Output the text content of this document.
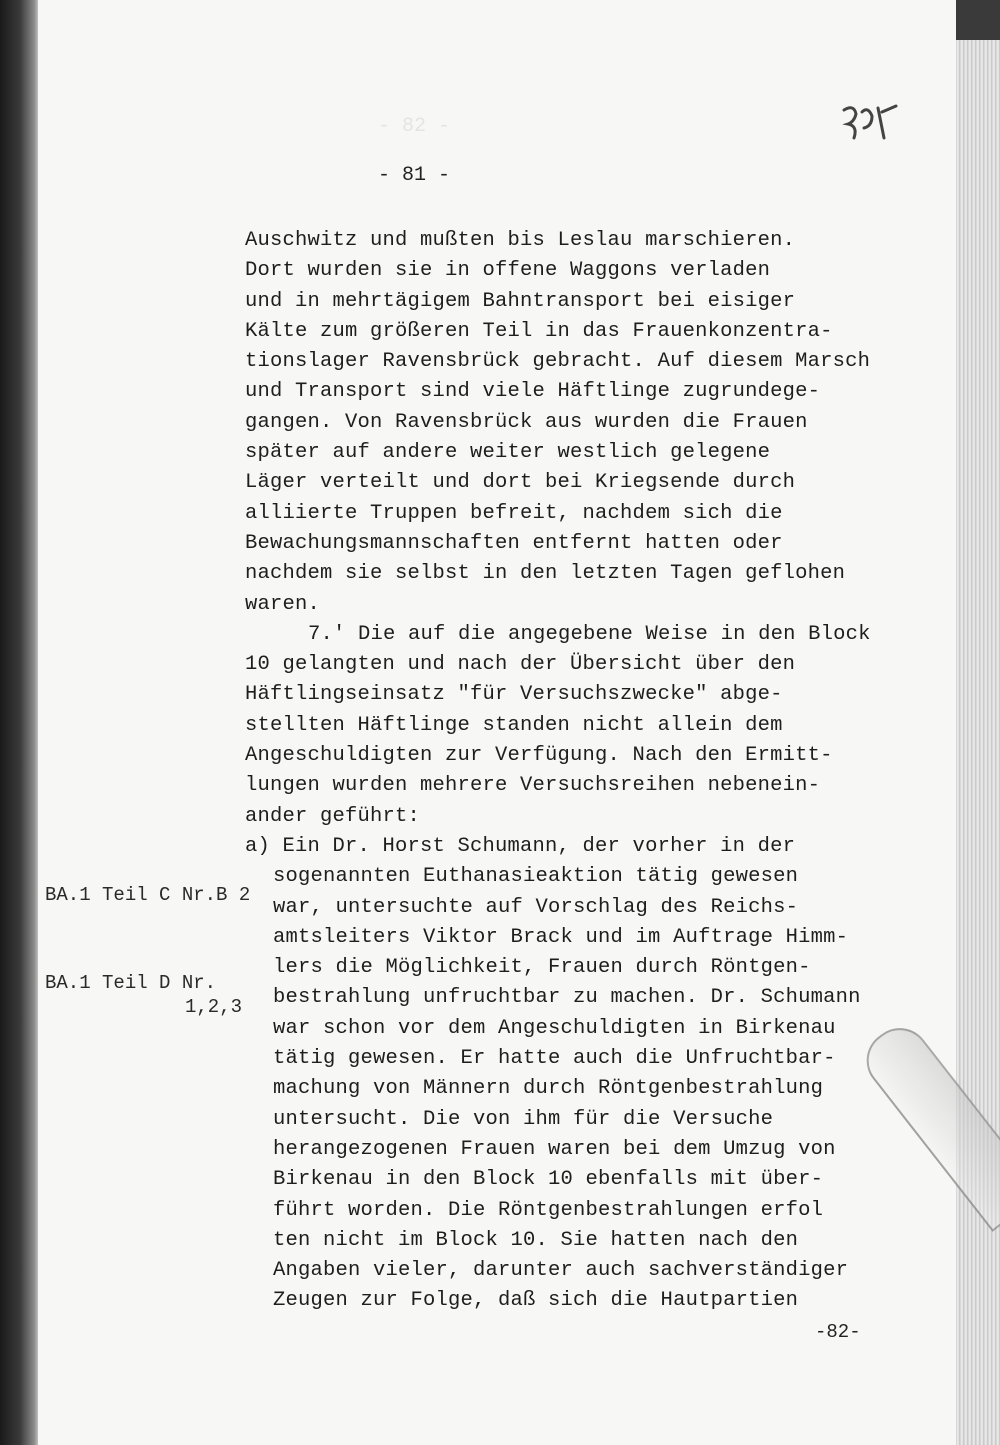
- 82 -
- 81 -
Auschwitz und mußten bis Leslau marschieren.
Dort wurden sie in offene Waggons verladen
und in mehrtägigem Bahntransport bei eisiger
Kälte zum größeren Teil in das Frauenkonzentra-
tionslager Ravensbrück gebracht. Auf diesem Marsch
und Transport sind viele Häftlinge zugrundege-
gangen. Von Ravensbrück aus wurden die Frauen
später auf andere weiter westlich gelegene
Läger verteilt und dort bei Kriegsende durch
alliierte Truppen befreit, nachdem sich die
Bewachungsmannschaften entfernt hatten oder
nachdem sie selbst in den letzten Tagen geflohen
waren.
7.' Die auf die angegebene Weise in den Block
10 gelangten und nach der Übersicht über den
Häftlingseinsatz "für Versuchszwecke" abge-
stellten Häftlinge standen nicht allein dem
Angeschuldigten zur Verfügung. Nach den Ermitt-
lungen wurden mehrere Versuchsreihen nebenein-
ander geführt:
a) Ein Dr. Horst Schumann, der vorher in der
sogenannten Euthanasieaktion tätig gewesen
war, untersuchte auf Vorschlag des Reichs-
amtsleiters Viktor Brack und im Auftrage Himm-
lers die Möglichkeit, Frauen durch Röntgen-
bestrahlung unfruchtbar zu machen. Dr. Schumann
war schon vor dem Angeschuldigten in Birkenau
tätig gewesen. Er hatte auch die Unfruchtbar-
machung von Männern durch Röntgenbestrahlung
untersucht. Die von ihm für die Versuche
herangezogenen Frauen waren bei dem Umzug von
Birkenau in den Block 10 ebenfalls mit über-
führt worden. Die Röntgenbestrahlungen erfol
ten nicht im Block 10. Sie hatten nach den
Angaben vieler, darunter auch sachverständiger
Zeugen zur Folge, daß sich die Hautpartien
BA.1 Teil C Nr.B 2
BA.1 Teil D Nr.
1,2,3
-82-
